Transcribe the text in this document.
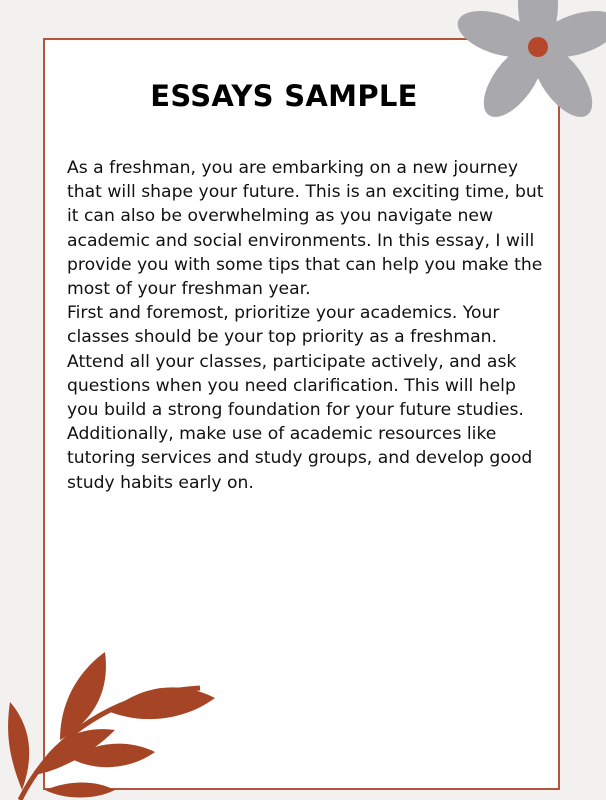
ESSAYS SAMPLE

As a freshman, you are embarking on a new journey that will shape your future. This is an exciting time, but it can also be overwhelming as you navigate new academic and social environments. In this essay, I will provide you with some tips that can help you make the most of your freshman year.

First and foremost, prioritize your academics. Your classes should be your top priority as a freshman. Attend all your classes, participate actively, and ask questions when you need clarification. This will help you build a strong foundation for your future studies. Additionally, make use of academic resources like tutoring services and study groups, and develop good study habits early on.
